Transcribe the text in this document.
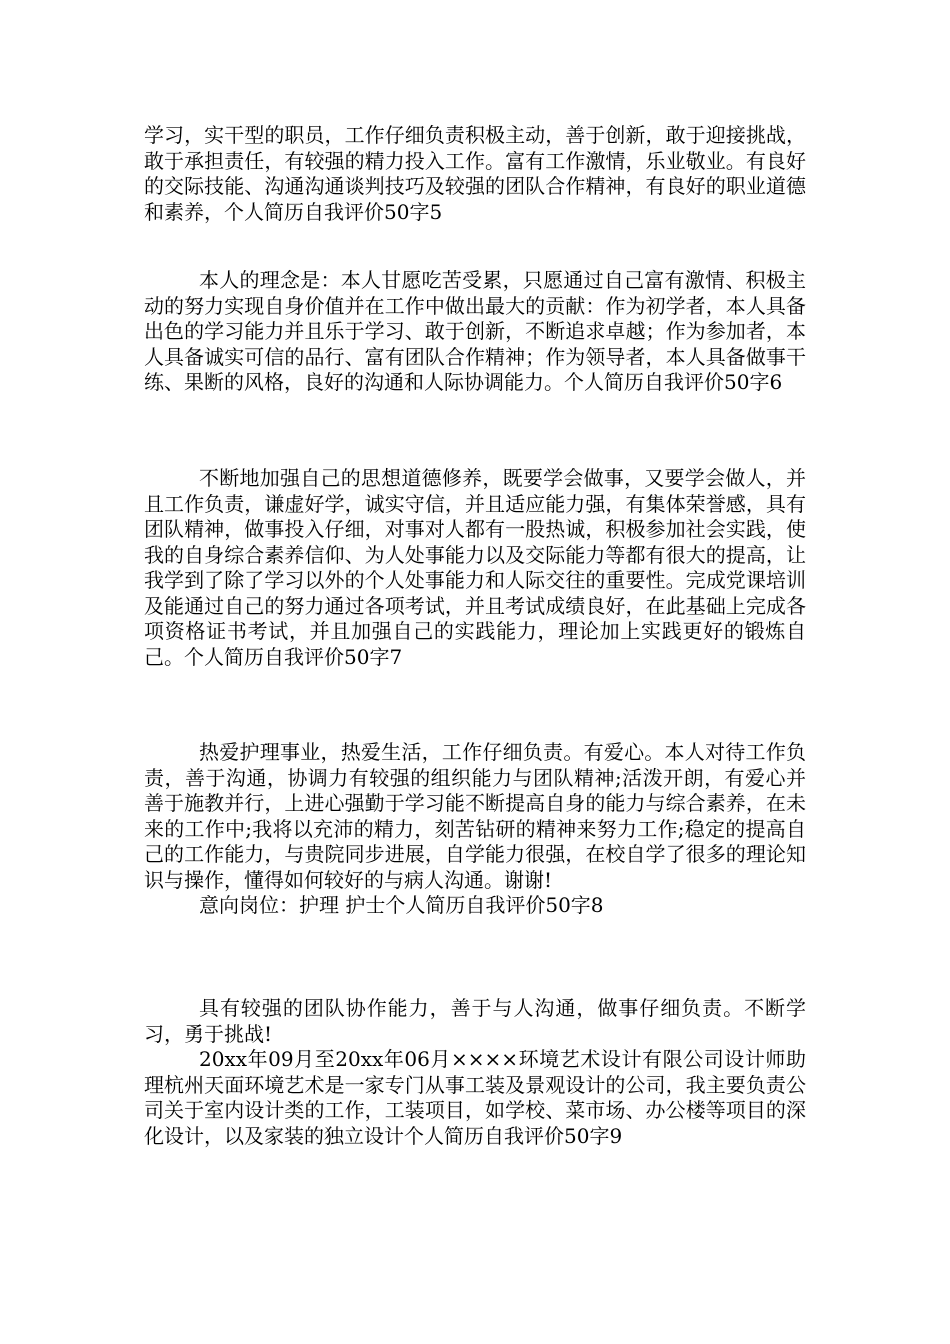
学习，实干型的职员，工作仔细负责积极主动，善于创新，敢于迎接挑战，敢于承担责任，有较强的精力投入工作。富有工作激情，乐业敬业。有良好的交际技能、沟通沟通谈判技巧及较强的团队合作精神，有良好的职业道德和素养，个人简历自我评价50字5

本人的理念是：本人甘愿吃苦受累，只愿通过自己富有激情、积极主动的努力实现自身价值并在工作中做出最大的贡献：作为初学者，本人具备出色的学习能力并且乐于学习、敢于创新，不断追求卓越；作为参加者，本人具备诚实可信的品行、富有团队合作精神；作为领导者，本人具备做事干练、果断的风格，良好的沟通和人际协调能力。个人简历自我评价50字6

不断地加强自己的思想道德修养，既要学会做事，又要学会做人，并且工作负责，谦虚好学，诚实守信，并且适应能力强，有集体荣誉感，具有团队精神，做事投入仔细，对事对人都有一股热诚，积极参加社会实践，使我的自身综合素养信仰、为人处事能力以及交际能力等都有很大的提高，让我学到了除了学习以外的个人处事能力和人际交往的重要性。完成党课培训及能通过自己的努力通过各项考试，并且考试成绩良好，在此基础上完成各项资格证书考试，并且加强自己的实践能力，理论加上实践更好的锻炼自己。个人简历自我评价50字7

热爱护理事业，热爱生活，工作仔细负责。有爱心。本人对待工作负责，善于沟通，协调力有较强的组织能力与团队精神;活泼开朗，有爱心并善于施教并行，上进心强勤于学习能不断提高自身的能力与综合素养，在未来的工作中;我将以充沛的精力，刻苦钻研的精神来努力工作;稳定的提高自己的工作能力，与贵院同步进展，自学能力很强，在校自学了很多的理论知识与操作，懂得如何较好的与病人沟通。谢谢!
意向岗位：护理 护士个人简历自我评价50字8
具有较强的团队协作能力，善于与人沟通，做事仔细负责。不断学习，勇于挑战!
20xx年09月至20xx年06月××××环境艺术设计有限公司设计师助理杭州天面环境艺术是一家专门从事工装及景观设计的公司，我主要负责公司关于室内设计类的工作，工装项目，如学校、菜市场、办公楼等项目的深化设计，以及家装的独立设计个人简历自我评价50字9
